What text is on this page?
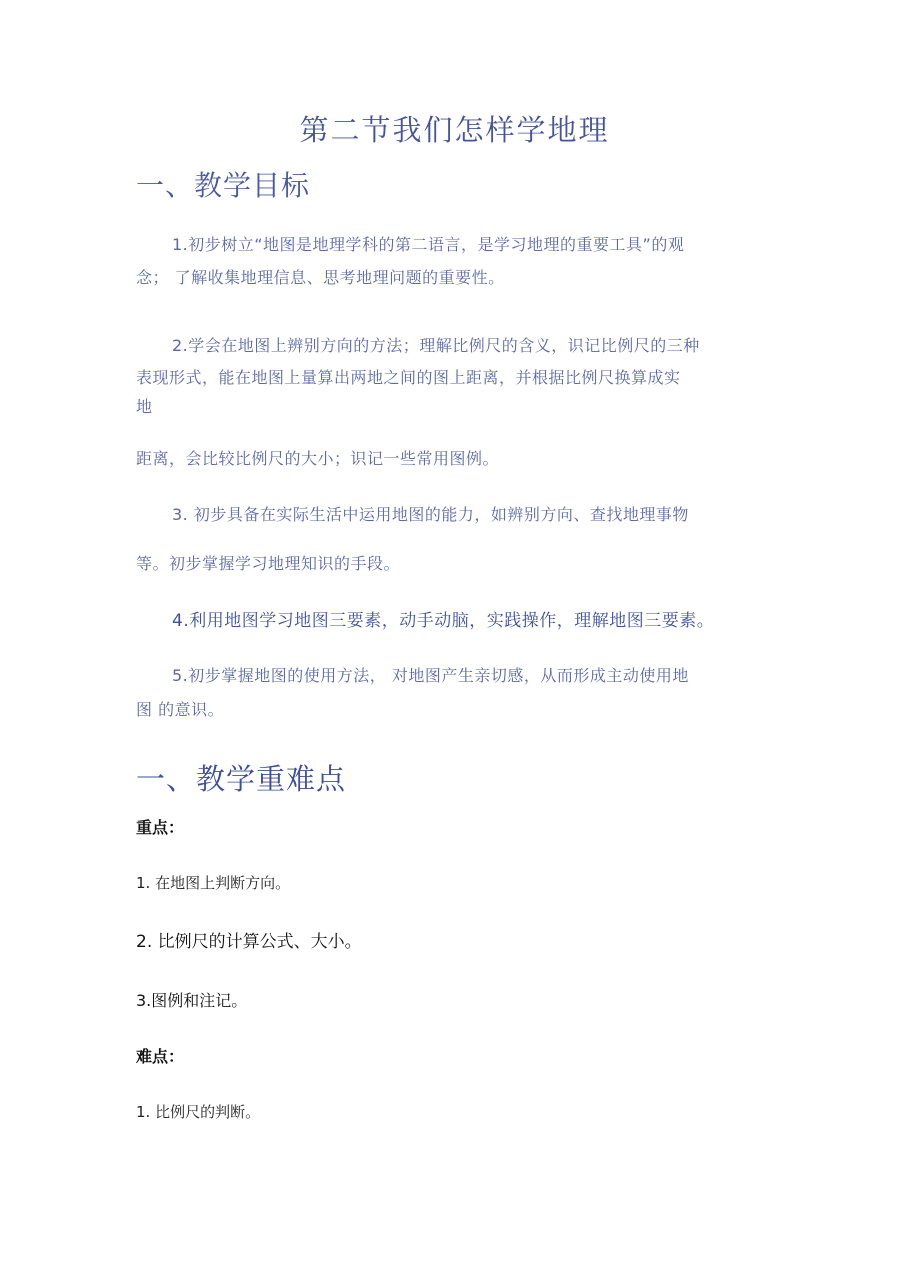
第二节我们怎样学地理
一、教学目标
1.初步树立“地图是地理学科的第二语言，是学习地理的重要工具”的观
念； 了解收集地理信息、思考地理问题的重要性。
2.学会在地图上辨别方向的方法；理解比例尺的含义，识记比例尺的三种
表现形式，能在地图上量算出两地之间的图上距离，并根据比例尺换算成实
地
距离，会比较比例尺的大小；识记一些常用图例。
3. 初步具备在实际生活中运用地图的能力，如辨别方向、查找地理事物
等。初步掌握学习地理知识的手段。
4.利用地图学习地图三要素，动手动脑，实践操作，理解地图三要素。
5.初步掌握地图的使用方法， 对地图产生亲切感，从而形成主动使用地
图 的意识。
一、教学重难点
重点：
1. 在地图上判断方向。
2. 比例尺的计算公式、大小。
3.图例和注记。
难点：
1. 比例尺的判断。
